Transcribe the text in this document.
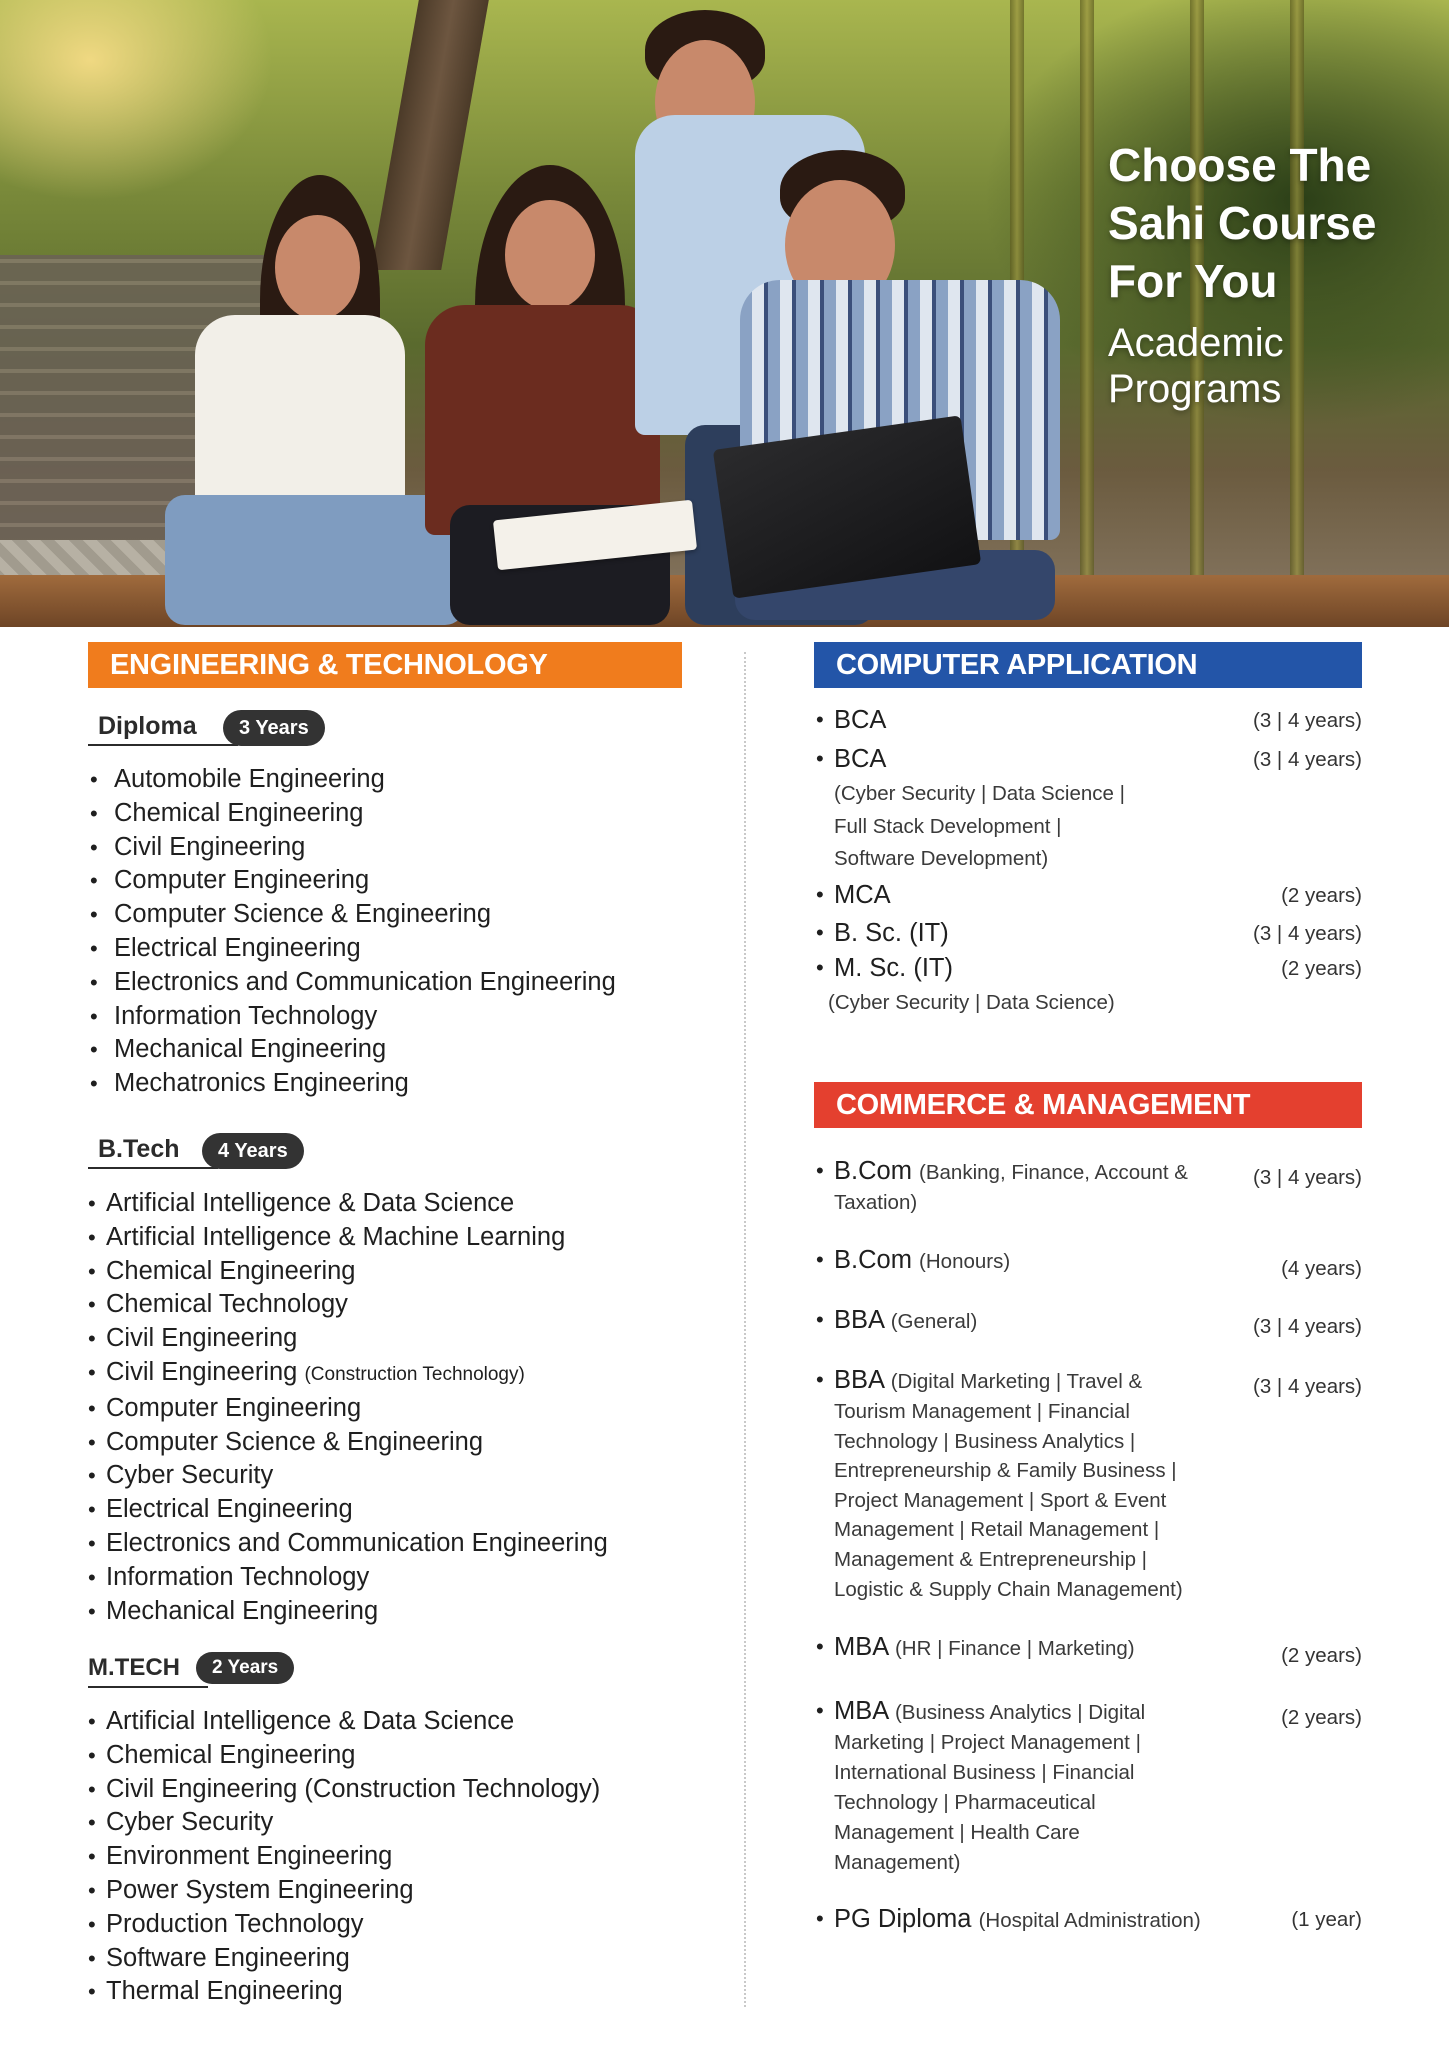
Choose The Sahi Course For You
Academic Programs
ENGINEERING & TECHNOLOGY
Diploma	3 Years
• Automobile Engineering
• Chemical Engineering
• Civil Engineering
• Computer Engineering
• Computer Science & Engineering
• Electrical Engineering
• Electronics and Communication Engineering
• Information Technology
• Mechanical Engineering
• Mechatronics Engineering
B.Tech	4 Years
• Artificial Intelligence & Data Science
• Artificial Intelligence & Machine Learning
• Chemical Engineering
• Chemical Technology
• Civil Engineering
• Civil Engineering (Construction Technology)
• Computer Engineering
• Computer Science & Engineering
• Cyber Security
• Electrical Engineering
• Electronics and Communication Engineering
• Information Technology
• Mechanical Engineering
M.TECH	2 Years
• Artificial Intelligence & Data Science
• Chemical Engineering
• Civil Engineering (Construction Technology)
• Cyber Security
• Environment Engineering
• Power System Engineering
• Production Technology
• Software Engineering
• Thermal Engineering
COMPUTER APPLICATION
• BCA	(3 | 4 years)
• BCA	(3 | 4 years)
(Cyber Security | Data Science |
Full Stack Development |
Software Development)
• MCA	(2 years)
• B. Sc. (IT)	(3 | 4 years)
• M. Sc. (IT)	(2 years)
(Cyber Security | Data Science)
COMMERCE & MANAGEMENT
• B.Com (Banking, Finance, Account &	(3 | 4 years)
Taxation)
• B.Com (Honours)	(4 years)
• BBA (General)	(3 | 4 years)
• BBA (Digital Marketing | Travel &	(3 | 4 years)
Tourism Management | Financial
Technology | Business Analytics |
Entrepreneurship & Family Business |
Project Management | Sport & Event
Management | Retail Management |
Management & Entrepreneurship |
Logistic & Supply Chain Management)
• MBA (HR | Finance | Marketing)	(2 years)
• MBA (Business Analytics | Digital	(2 years)
Marketing | Project Management |
International Business | Financial
Technology | Pharmaceutical
Management | Health Care
Management)
• PG Diploma (Hospital Administration)	(1 year)
